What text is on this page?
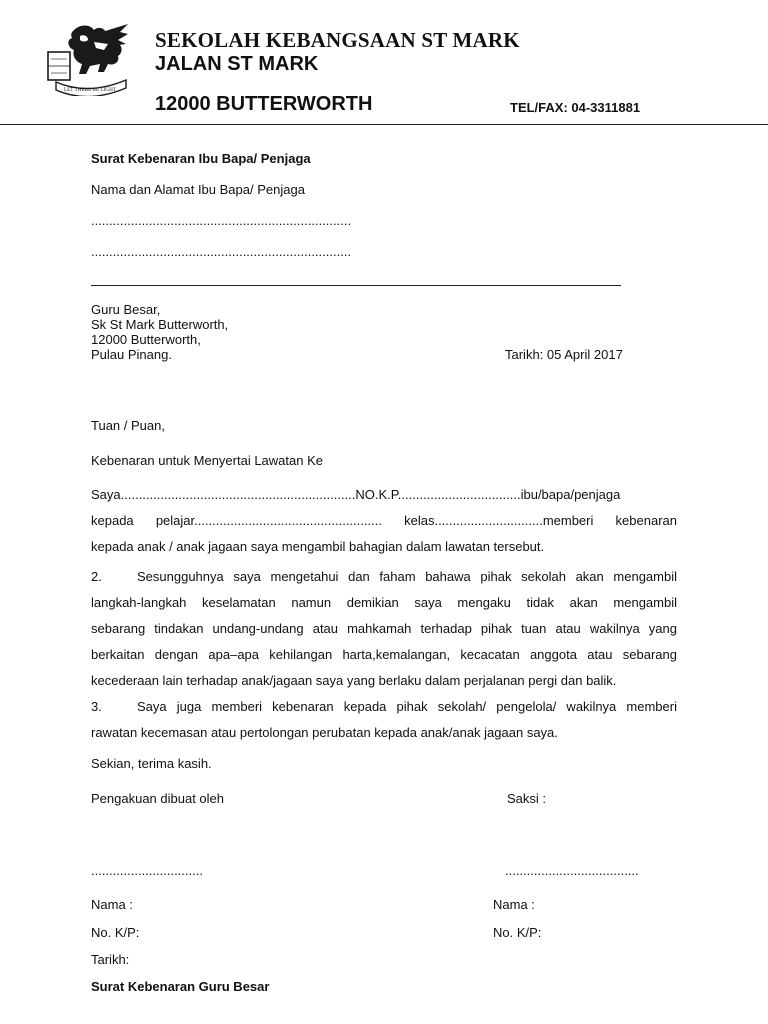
LET THERE BE LIGHT
SEKOLAH KEBANGSAAN ST MARK
JALAN ST MARK
12000 BUTTERWORTH	TEL/FAX: 04-3311881
Surat Kebenaran Ibu Bapa/ Penjaga
Nama dan Alamat Ibu Bapa/ Penjaga
........................................................................
........................................................................
Guru Besar,
Sk St Mark Butterworth,
12000 Butterworth,
Pulau Pinang.	Tarikh: 05 April 2017
Tuan / Puan,
Kebenaran untuk Menyertai Lawatan Ke
Saya.................................................................NO.K.P..................................ibu/bapa/penjaga
kepada pelajar.................................................... kelas..............................memberi kebenaran
kepada anak / anak jagaan saya mengambil bahagian dalam lawatan tersebut.
2.	Sesungguhnya saya mengetahui dan faham bahawa pihak sekolah akan mengambil
langkah-langkah keselamatan namun demikian saya mengaku tidak akan mengambil
sebarang tindakan undang-undang atau mahkamah terhadap pihak tuan atau wakilnya yang
berkaitan dengan apa–apa kehilangan harta,kemalangan, kecacatan anggota atau sebarang
kecederaan lain terhadap anak/jagaan saya yang berlaku dalam perjalanan pergi dan balik.
3.	Saya juga memberi kebenaran kepada pihak sekolah/ pengelola/ wakilnya memberi
rawatan kecemasan atau pertolongan perubatan kepada anak/anak jagaan saya.
Sekian, terima kasih.
Pengakuan dibuat oleh	Saksi :
...............................	.....................................
Nama :	Nama :
No. K/P:	No. K/P:
Tarikh:
Surat Kebenaran Guru Besar
